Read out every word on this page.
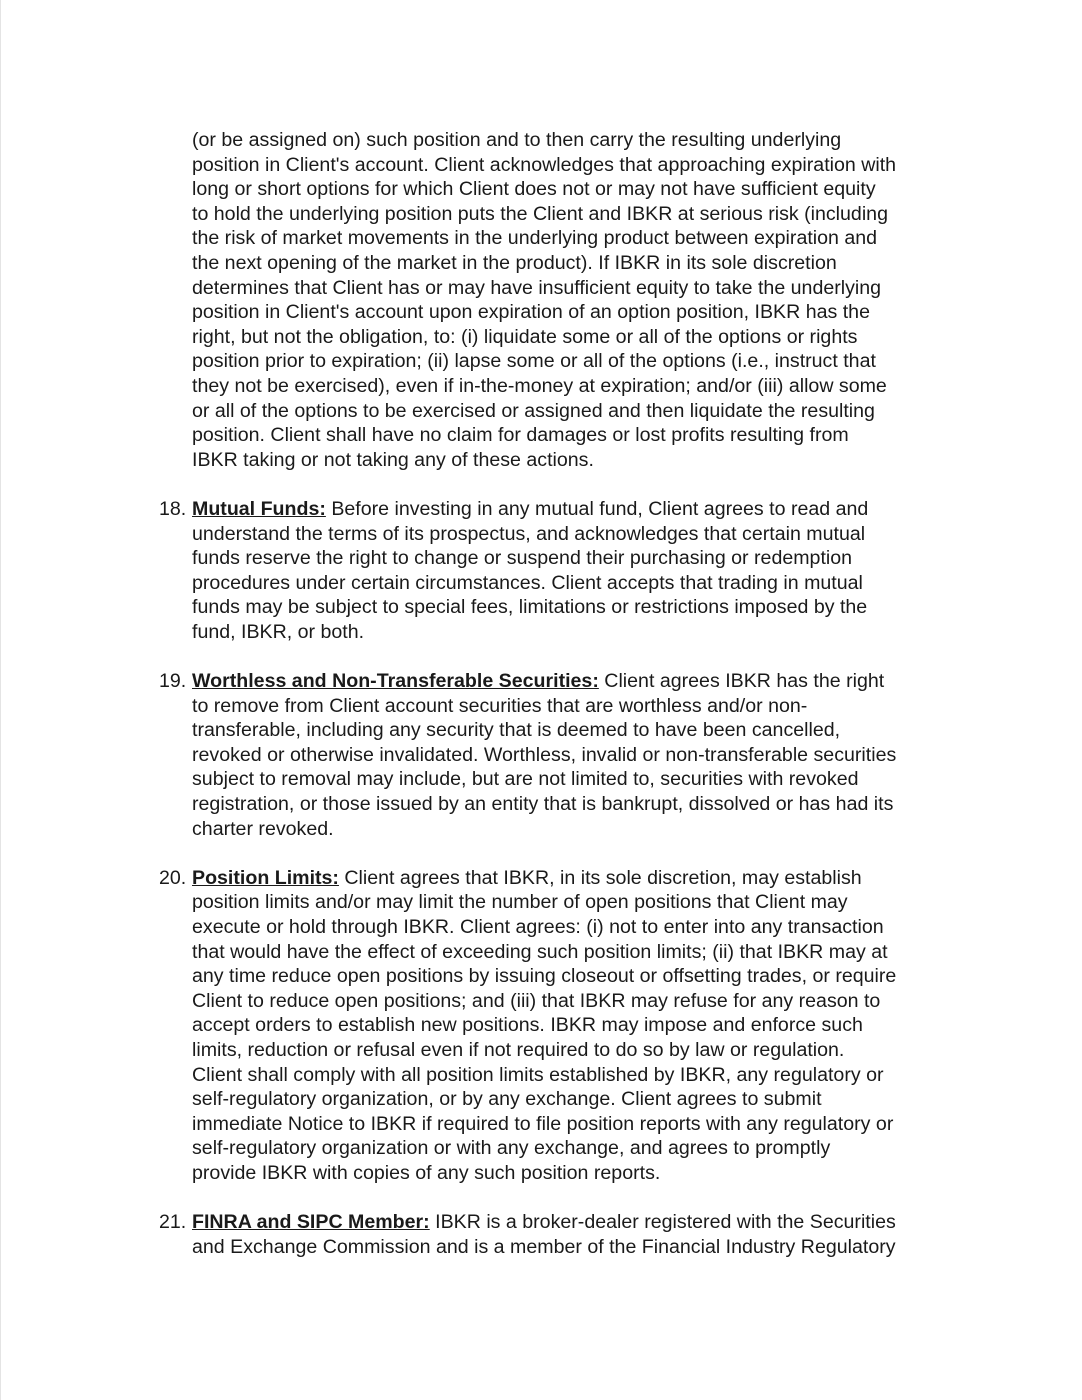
(or be assigned on) such position and to then carry the resulting underlying
position in Client's account. Client acknowledges that approaching expiration with
long or short options for which Client does not or may not have sufficient equity
to hold the underlying position puts the Client and IBKR at serious risk (including
the risk of market movements in the underlying product between expiration and
the next opening of the market in the product). If IBKR in its sole discretion
determines that Client has or may have insufficient equity to take the underlying
position in Client's account upon expiration of an option position, IBKR has the
right, but not the obligation, to: (i) liquidate some or all of the options or rights
position prior to expiration; (ii) lapse some or all of the options (i.e., instruct that
they not be exercised), even if in-the-money at expiration; and/or (iii) allow some
or all of the options to be exercised or assigned and then liquidate the resulting
position. Client shall have no claim for damages or lost profits resulting from
IBKR taking or not taking any of these actions.

18. Mutual Funds: Before investing in any mutual fund, Client agrees to read and
understand the terms of its prospectus, and acknowledges that certain mutual
funds reserve the right to change or suspend their purchasing or redemption
procedures under certain circumstances. Client accepts that trading in mutual
funds may be subject to special fees, limitations or restrictions imposed by the
fund, IBKR, or both.
19. Worthless and Non-Transferable Securities: Client agrees IBKR has the right
to remove from Client account securities that are worthless and/or non-
transferable, including any security that is deemed to have been cancelled,
revoked or otherwise invalidated. Worthless, invalid or non-transferable securities
subject to removal may include, but are not limited to, securities with revoked
registration, or those issued by an entity that is bankrupt, dissolved or has had its
charter revoked.
20. Position Limits: Client agrees that IBKR, in its sole discretion, may establish
position limits and/or may limit the number of open positions that Client may
execute or hold through IBKR. Client agrees: (i) not to enter into any transaction
that would have the effect of exceeding such position limits; (ii) that IBKR may at
any time reduce open positions by issuing closeout or offsetting trades, or require
Client to reduce open positions; and (iii) that IBKR may refuse for any reason to
accept orders to establish new positions. IBKR may impose and enforce such
limits, reduction or refusal even if not required to do so by law or regulation.
Client shall comply with all position limits established by IBKR, any regulatory or
self-regulatory organization, or by any exchange. Client agrees to submit
immediate Notice to IBKR if required to file position reports with any regulatory or
self-regulatory organization or with any exchange, and agrees to promptly
provide IBKR with copies of any such position reports.
21. FINRA and SIPC Member: IBKR is a broker-dealer registered with the Securities
and Exchange Commission and is a member of the Financial Industry Regulatory
